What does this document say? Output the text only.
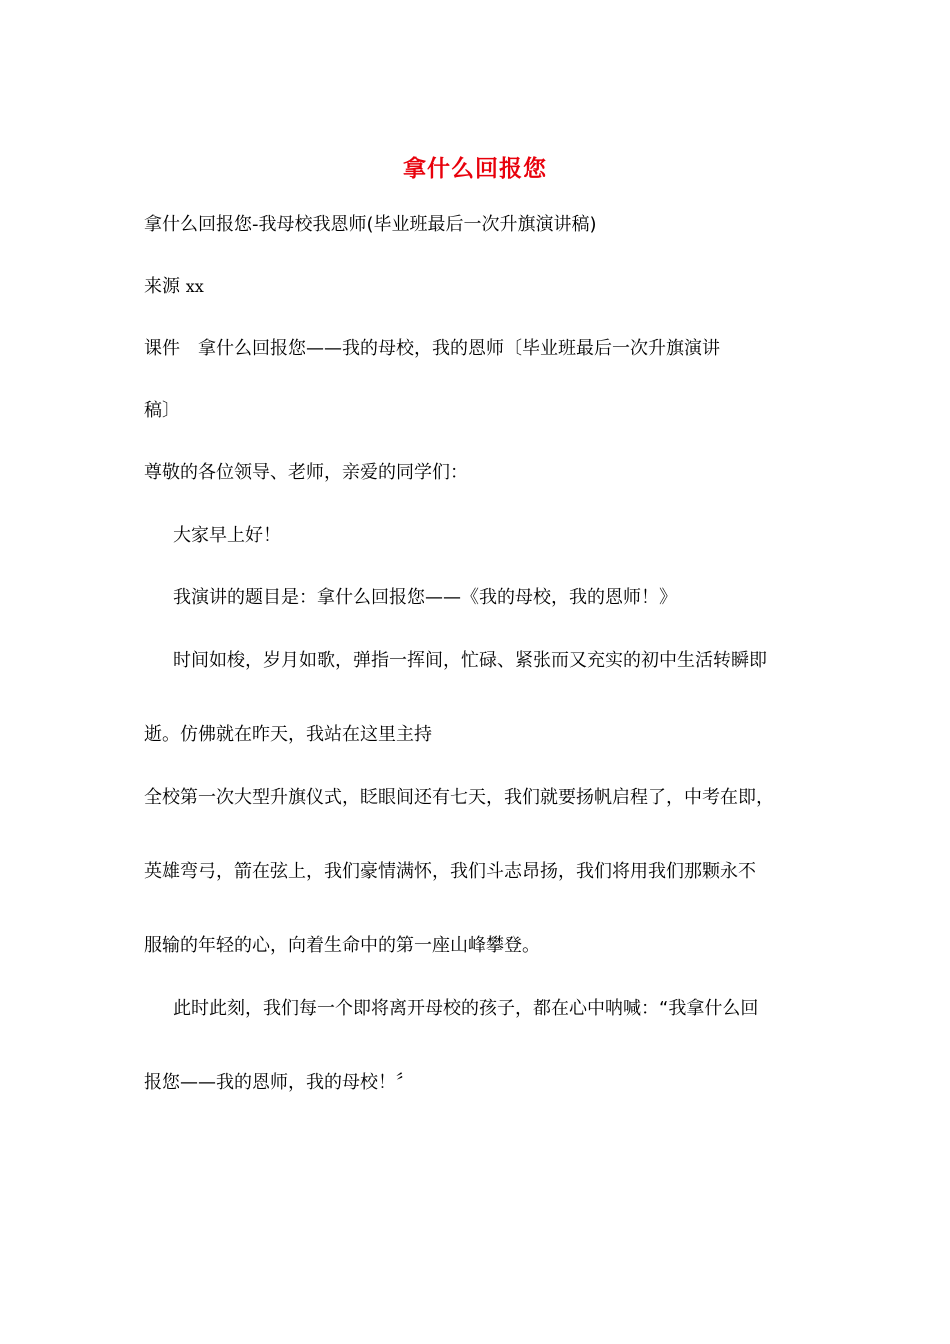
拿什么回报您
拿什么回报您-我母校我恩师(毕业班最后一次升旗演讲稿)
来源 xx
课件　拿什么回报您——我的母校，我的恩师〔毕业班最后一次升旗演讲
稿〕
尊敬的各位领导、老师，亲爱的同学们：
大家早上好！
我演讲的题目是：拿什么回报您——《我的母校，我的恩师！》
时间如梭，岁月如歌，弹指一挥间，忙碌、紧张而又充实的初中生活转瞬即
逝。仿佛就在昨天，我站在这里主持
全校第一次大型升旗仪式，眨眼间还有七天，我们就要扬帆启程了，中考在即，
英雄弯弓，箭在弦上，我们豪情满怀，我们斗志昂扬，我们将用我们那颗永不
服输的年轻的心，向着生命中的第一座山峰攀登。
此时此刻，我们每一个即将离开母校的孩子，都在心中呐喊：“我拿什么回
报您——我的恩师，我的母校！〞
